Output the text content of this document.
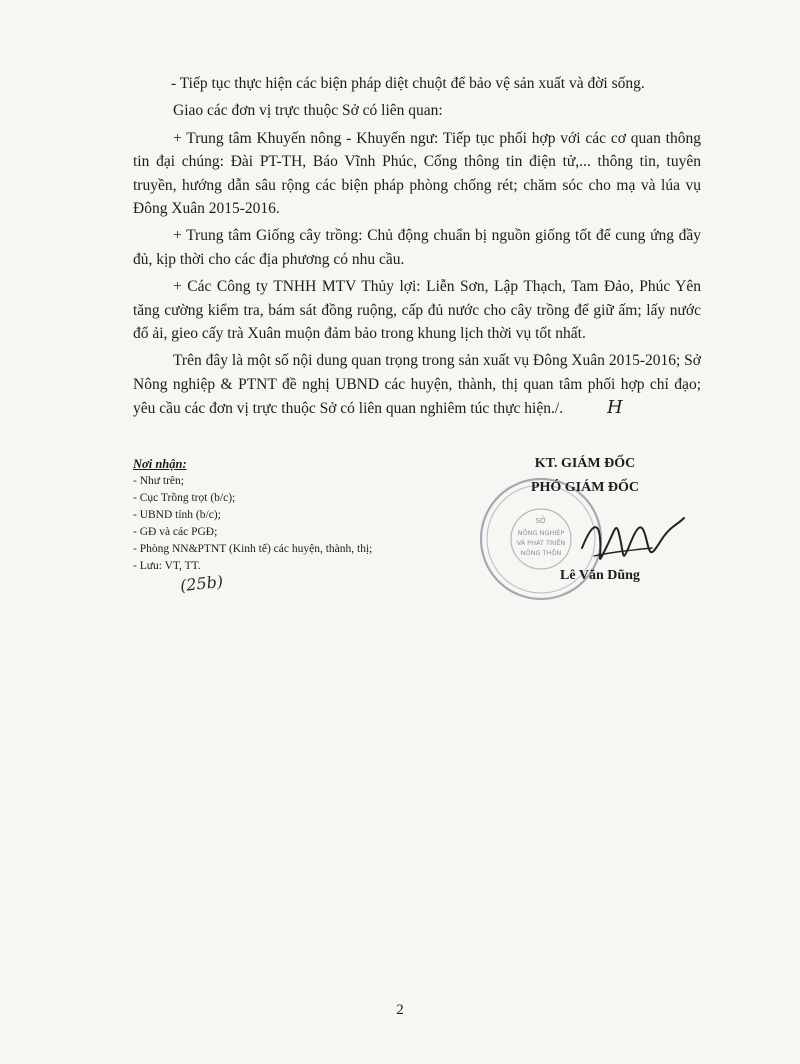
- Tiếp tục thực hiện các biện pháp diệt chuột để bảo vệ sản xuất và đời sống.

Giao các đơn vị trực thuộc Sở có liên quan:

+ Trung tâm Khuyến nông - Khuyến ngư: Tiếp tục phối hợp với các cơ quan thông tin đại chúng: Đài PT-TH, Báo Vĩnh Phúc, Cổng thông tin điện tử,... thông tin, tuyên truyền, hướng dẫn sâu rộng các biện pháp phòng chống rét; chăm sóc cho mạ và lúa vụ Đông Xuân 2015-2016.

+ Trung tâm Giống cây trồng: Chủ động chuẩn bị nguồn giống tốt để cung ứng đầy đủ, kịp thời cho các địa phương có nhu cầu.

+ Các Công ty TNHH MTV Thủy lợi: Liễn Sơn, Lập Thạch, Tam Đảo, Phúc Yên tăng cường kiểm tra, bám sát đồng ruộng, cấp đủ nước cho cây trồng để giữ ấm; lấy nước đổ ải, gieo cấy trà Xuân muộn đảm bảo trong khung lịch thời vụ tốt nhất.

Trên đây là một số nội dung quan trọng trong sản xuất vụ Đông Xuân 2015-2016; Sở Nông nghiệp & PTNT đề nghị UBND các huyện, thành, thị quan tâm phối hợp chỉ đạo; yêu cầu các đơn vị trực thuộc Sở có liên quan nghiêm túc thực hiện./. H

Nơi nhận:
- Như trên;
- Cục Trồng trọt (b/c);
- UBND tỉnh (b/c);
- GĐ và các PGĐ;
- Phòng NN&PTNT (Kinh tế) các huyện, thành, thị;
- Lưu: VT, TT.
(25b)
SỞ
NÔNG NGHIỆP
VÀ PHÁT TRIỂN
NÔNG THÔN
KT. GIÁM ĐỐC
PHÓ GIÁM ĐỐC
Lê Văn Dũng
2
